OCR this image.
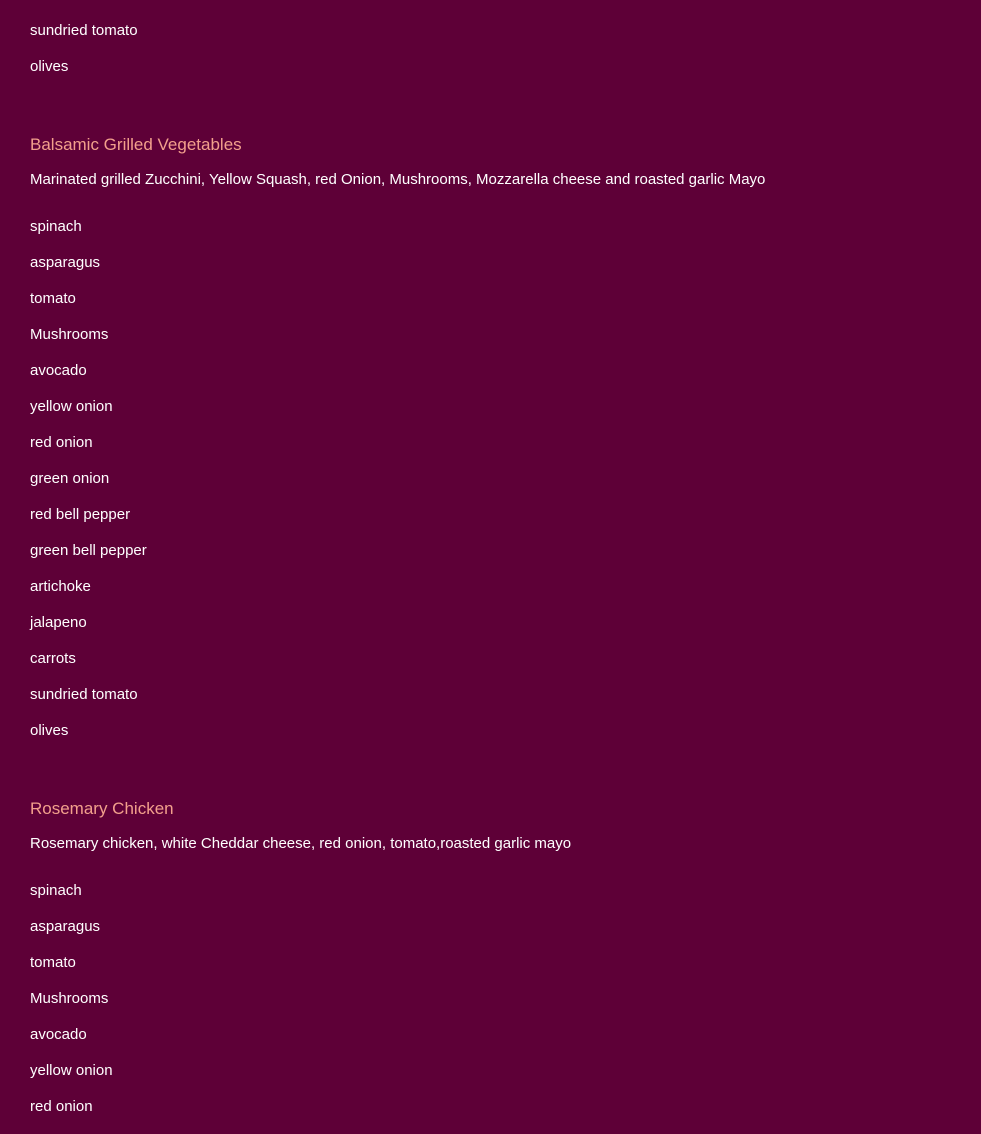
sundried tomato
olives
Balsamic Grilled Vegetables
Marinated grilled Zucchini, Yellow Squash, red Onion, Mushrooms, Mozzarella cheese and roasted garlic Mayo
spinach
asparagus
tomato
Mushrooms
avocado
yellow onion
red onion
green onion
red bell pepper
green bell pepper
artichoke
jalapeno
carrots
sundried tomato
olives
Rosemary Chicken
Rosemary chicken, white Cheddar cheese, red onion, tomato,roasted garlic mayo
spinach
asparagus
tomato
Mushrooms
avocado
yellow onion
red onion
